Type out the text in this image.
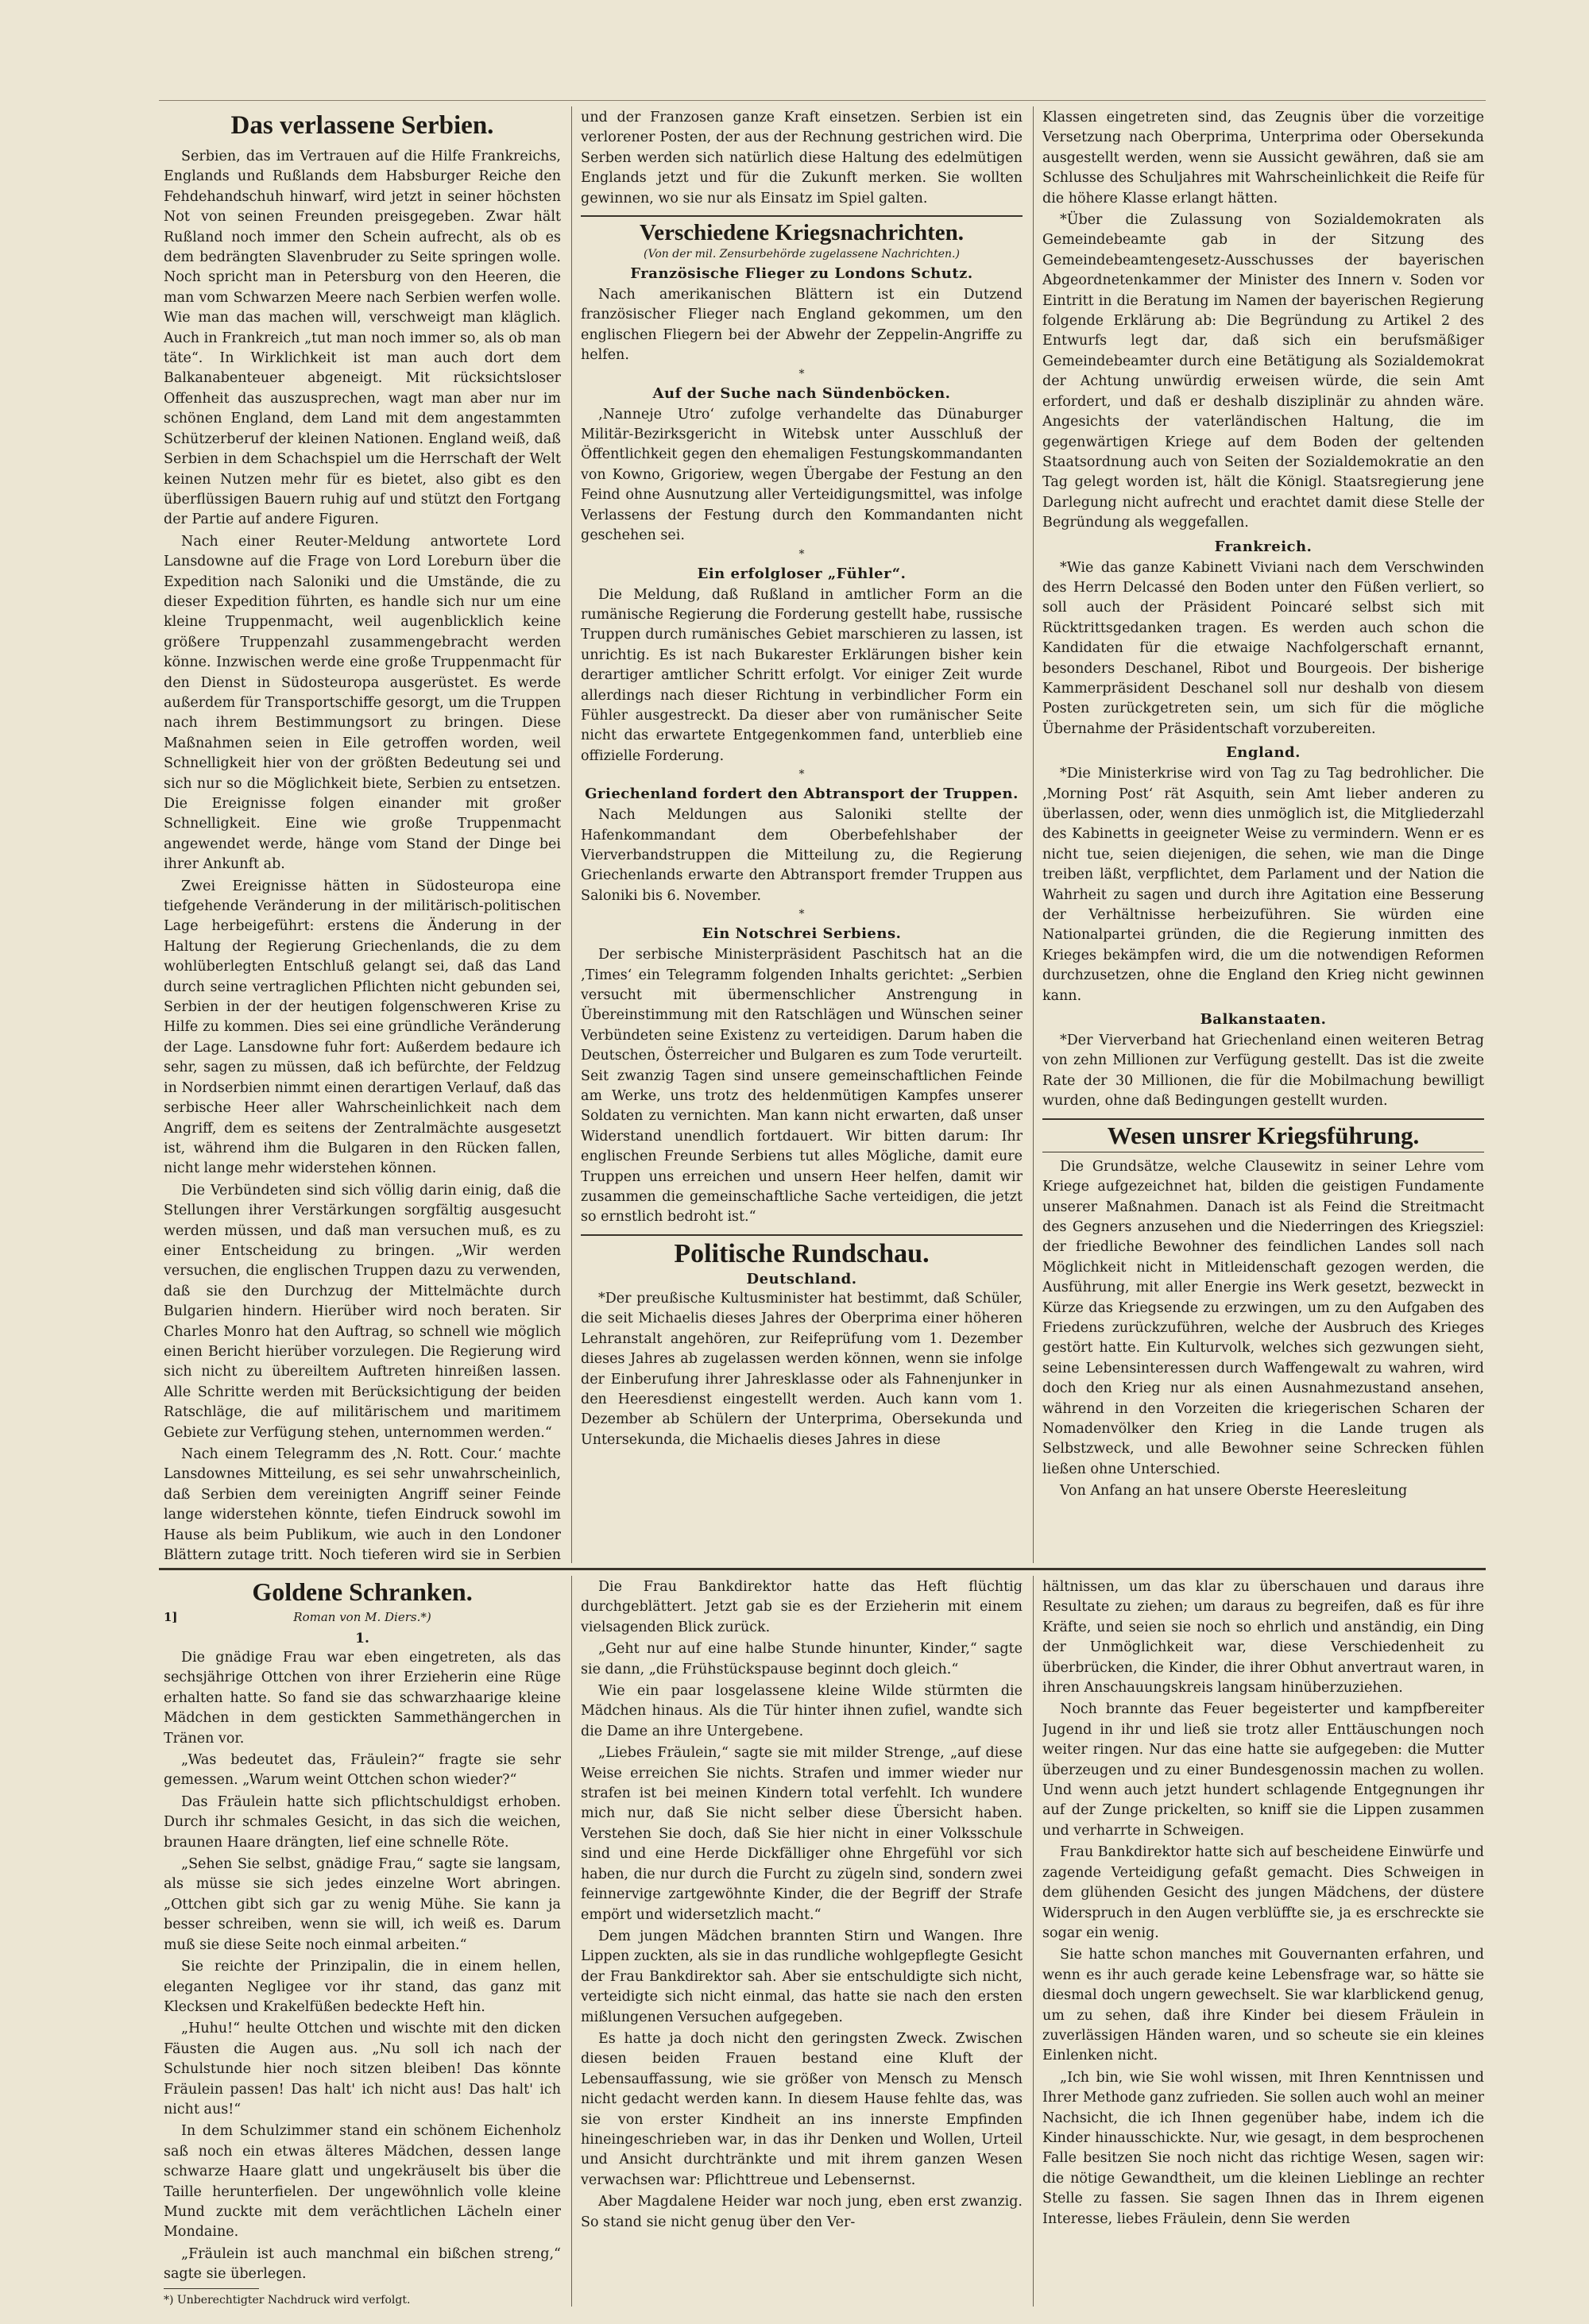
Das verlassene Serbien.

Serbien, das im Vertrauen auf die Hilfe Frankreichs, Englands und Rußlands dem Habsburger Reiche den Fehdehandschuh hinwarf, wird jetzt in seiner höchsten Not von seinen Freunden preisgegeben. Zwar hält Rußland noch immer den Schein aufrecht, als ob es dem bedrängten Slavenbruder zu Seite springen wolle. Noch spricht man in Petersburg von den Heeren, die man vom Schwarzen Meere nach Serbien werfen wolle. Wie man das machen will, verschweigt man kläglich. Auch in Frankreich „tut man noch immer so, als ob man täte“. In Wirklichkeit ist man auch dort dem Balkanabenteuer abgeneigt. Mit rücksichtsloser Offenheit das auszusprechen, wagt man aber nur im schönen England, dem Land mit dem angestammten Schützerberuf der kleinen Nationen. England weiß, daß Serbien in dem Schachspiel um die Herrschaft der Welt keinen Nutzen mehr für es bietet, also gibt es den überflüssigen Bauern ruhig auf und stützt den Fortgang der Partie auf andere Figuren.

Nach einer Reuter-Meldung antwortete Lord Lansdowne auf die Frage von Lord Loreburn über die Expedition nach Saloniki und die Umstände, die zu dieser Expedition führten, es handle sich nur um eine kleine Truppenmacht, weil augenblicklich keine größere Truppenzahl zusammengebracht werden könne. Inzwischen werde eine große Truppenmacht für den Dienst in Südosteuropa ausgerüstet. Es werde außerdem für Transportschiffe gesorgt, um die Truppen nach ihrem Bestimmungsort zu bringen. Diese Maßnahmen seien in Eile getroffen worden, weil Schnelligkeit hier von der größten Bedeutung sei und sich nur so die Möglichkeit biete, Serbien zu entsetzen. Die Ereignisse folgen einander mit großer Schnelligkeit. Eine wie große Truppenmacht angewendet werde, hänge vom Stand der Dinge bei ihrer Ankunft ab.

Zwei Ereignisse hätten in Südosteuropa eine tiefgehende Veränderung in der militärisch-politischen Lage herbeigeführt: erstens die Änderung in der Haltung der Regierung Griechenlands, die zu dem wohlüberlegten Entschluß gelangt sei, daß das Land durch seine vertraglichen Pflichten nicht gebunden sei, Serbien in der der heutigen folgenschweren Krise zu Hilfe zu kommen. Dies sei eine gründliche Veränderung der Lage. Lansdowne fuhr fort: Außerdem bedaure ich sehr, sagen zu müssen, daß ich befürchte, der Feldzug in Nordserbien nimmt einen derartigen Verlauf, daß das serbische Heer aller Wahrscheinlichkeit nach dem Angriff, dem es seitens der Zentralmächte ausgesetzt ist, während ihm die Bulgaren in den Rücken fallen, nicht lange mehr widerstehen können.

Die Verbündeten sind sich völlig darin einig, daß die Stellungen ihrer Verstärkungen sorgfältig ausgesucht werden müssen, und daß man versuchen muß, es zu einer Entscheidung zu bringen. „Wir werden versuchen, die englischen Truppen dazu zu verwenden, daß sie den Durchzug der Mittelmächte durch Bulgarien hindern. Hierüber wird noch beraten. Sir Charles Monro hat den Auftrag, so schnell wie möglich einen Bericht hierüber vorzulegen. Die Regierung wird sich nicht zu übereiltem Auftreten hinreißen lassen. Alle Schritte werden mit Berücksichtigung der beiden Ratschläge, die auf militärischem und maritimem Gebiete zur Verfügung stehen, unternommen werden.“

Nach einem Telegramm des ‚N. Rott. Cour.‘ machte Lansdownes Mitteilung, es sei sehr unwahrscheinlich, daß Serbien dem vereinigten Angriff seiner Feinde lange widerstehen könnte, tiefen Eindruck sowohl im Hause als beim Publikum, wie auch in den Londoner Blättern zutage tritt. Noch tieferen wird sie in Serbien

und der Franzosen ganze Kraft einsetzen. Serbien ist ein verlorener Posten, der aus der Rechnung gestrichen wird. Die Serben werden sich natürlich diese Haltung des edelmütigen Englands jetzt und für die Zukunft merken. Sie wollten gewinnen, wo sie nur als Einsatz im Spiel galten.

Verschiedene Kriegsnachrichten.
(Von der mil. Zensurbehörde zugelassene Nachrichten.)
Französische Flieger zu Londons Schutz.

Nach amerikanischen Blättern ist ein Dutzend französischer Flieger nach England gekommen, um den englischen Fliegern bei der Abwehr der Zeppelin-Angriffe zu helfen.

*
Auf der Suche nach Sündenböcken.

‚Nanneje Utro‘ zufolge verhandelte das Dünaburger Militär-Bezirksgericht in Witebsk unter Ausschluß der Öffentlichkeit gegen den ehemaligen Festungskommandanten von Kowno, Grigoriew, wegen Übergabe der Festung an den Feind ohne Ausnutzung aller Verteidigungsmittel, was infolge Verlassens der Festung durch den Kommandanten nicht geschehen sei.

*
Ein erfolgloser „Fühler“.

Die Meldung, daß Rußland in amtlicher Form an die rumänische Regierung die Forderung gestellt habe, russische Truppen durch rumänisches Gebiet marschieren zu lassen, ist unrichtig. Es ist nach Bukarester Erklärungen bisher kein derartiger amtlicher Schritt erfolgt. Vor einiger Zeit wurde allerdings nach dieser Richtung in verbindlicher Form ein Fühler ausgestreckt. Da dieser aber von rumänischer Seite nicht das erwartete Entgegenkommen fand, unterblieb eine offizielle Forderung.

*
Griechenland fordert den Abtransport der Truppen.

Nach Meldungen aus Saloniki stellte der Hafenkommandant dem Oberbefehlshaber der Vierverbandstruppen die Mitteilung zu, die Regierung Griechenlands erwarte den Abtransport fremder Truppen aus Saloniki bis 6. November.

*
Ein Notschrei Serbiens.

Der serbische Ministerpräsident Paschitsch hat an die ‚Times‘ ein Telegramm folgenden Inhalts gerichtet: „Serbien versucht mit übermenschlicher Anstrengung in Übereinstimmung mit den Ratschlägen und Wünschen seiner Verbündeten seine Existenz zu verteidigen. Darum haben die Deutschen, Österreicher und Bulgaren es zum Tode verurteilt. Seit zwanzig Tagen sind unsere gemeinschaftlichen Feinde am Werke, uns trotz des heldenmütigen Kampfes unserer Soldaten zu vernichten. Man kann nicht erwarten, daß unser Widerstand unendlich fortdauert. Wir bitten darum: Ihr englischen Freunde Serbiens tut alles Mögliche, damit eure Truppen uns erreichen und unsern Heer helfen, damit wir zusammen die gemeinschaftliche Sache verteidigen, die jetzt so ernstlich bedroht ist.“

Politische Rundschau.
Deutschland.

*Der preußische Kultusminister hat bestimmt, daß Schüler, die seit Michaelis dieses Jahres der Oberprima einer höheren Lehranstalt angehören, zur Reifeprüfung vom 1. Dezember dieses Jahres ab zugelassen werden können, wenn sie infolge der Einberufung ihrer Jahresklasse oder als Fahnenjunker in den Heeresdienst eingestellt werden. Auch kann vom 1. Dezember ab Schülern der Unterprima, Obersekunda und Untersekunda, die Michaelis dieses Jahres in diese

Klassen eingetreten sind, das Zeugnis über die vorzeitige Versetzung nach Oberprima, Unterprima oder Obersekunda ausgestellt werden, wenn sie Aussicht gewähren, daß sie am Schlusse des Schuljahres mit Wahrscheinlichkeit die Reife für die höhere Klasse erlangt hätten.

*Über die Zulassung von Sozialdemokraten als Gemeindebeamte gab in der Sitzung des Gemeindebeamtengesetz-Ausschusses der bayerischen Abgeordnetenkammer der Minister des Innern v. Soden vor Eintritt in die Beratung im Namen der bayerischen Regierung folgende Erklärung ab: Die Begründung zu Artikel 2 des Entwurfs legt dar, daß sich ein berufsmäßiger Gemeindebeamter durch eine Betätigung als Sozialdemokrat der Achtung unwürdig erweisen würde, die sein Amt erfordert, und daß er deshalb disziplinär zu ahnden wäre. Angesichts der vaterländischen Haltung, die im gegenwärtigen Kriege auf dem Boden der geltenden Staatsordnung auch von Seiten der Sozialdemokratie an den Tag gelegt worden ist, hält die Königl. Staatsregierung jene Darlegung nicht aufrecht und erachtet damit diese Stelle der Begründung als weggefallen.

Frankreich.

*Wie das ganze Kabinett Viviani nach dem Verschwinden des Herrn Delcassé den Boden unter den Füßen verliert, so soll auch der Präsident Poincaré selbst sich mit Rücktrittsgedanken tragen. Es werden auch schon die Kandidaten für die etwaige Nachfolgerschaft ernannt, besonders Deschanel, Ribot und Bourgeois. Der bisherige Kammerpräsident Deschanel soll nur deshalb von diesem Posten zurückgetreten sein, um sich für die mögliche Übernahme der Präsidentschaft vorzubereiten.

England.

*Die Ministerkrise wird von Tag zu Tag bedrohlicher. Die ‚Morning Post‘ rät Asquith, sein Amt lieber anderen zu überlassen, oder, wenn dies unmöglich ist, die Mitgliederzahl des Kabinetts in geeigneter Weise zu vermindern. Wenn er es nicht tue, seien diejenigen, die sehen, wie man die Dinge treiben läßt, verpflichtet, dem Parlament und der Nation die Wahrheit zu sagen und durch ihre Agitation eine Besserung der Verhältnisse herbeizuführen. Sie würden eine Nationalpartei gründen, die die Regierung inmitten des Krieges bekämpfen wird, die um die notwendigen Reformen durchzusetzen, ohne die England den Krieg nicht gewinnen kann.

Balkanstaaten.

*Der Vierverband hat Griechenland einen weiteren Betrag von zehn Millionen zur Verfügung gestellt. Das ist die zweite Rate der 30 Millionen, die für die Mobilmachung bewilligt wurden, ohne daß Bedingungen gestellt wurden.

Wesen unsrer Kriegsführung.

Die Grundsätze, welche Clausewitz in seiner Lehre vom Kriege aufgezeichnet hat, bilden die geistigen Fundamente unserer Maßnahmen. Danach ist als Feind die Streitmacht des Gegners anzusehen und die Niederringen des Kriegsziel: der friedliche Bewohner des feindlichen Landes soll nach Möglichkeit nicht in Mitleidenschaft gezogen werden, die Ausführung, mit aller Energie ins Werk gesetzt, bezweckt in Kürze das Kriegsende zu erzwingen, um zu den Aufgaben des Friedens zurückzuführen, welche der Ausbruch des Krieges gestört hatte. Ein Kulturvolk, welches sich gezwungen sieht, seine Lebensinteressen durch Waffengewalt zu wahren, wird doch den Krieg nur als einen Ausnahmezustand ansehen, während in den Vorzeiten die kriegerischen Scharen der Nomadenvölker den Krieg in die Lande trugen als Selbstzweck, und alle Bewohner seine Schrecken fühlen ließen ohne Unterschied.

Von Anfang an hat unsere Oberste Heeresleitung

Goldene Schranken.
1]	Roman von M. Diers.*)
1.

Die gnädige Frau war eben eingetreten, als das sechsjährige Ottchen von ihrer Erzieherin eine Rüge erhalten hatte. So fand sie das schwarzhaarige kleine Mädchen in dem gestickten Sammethängerchen in Tränen vor.

„Was bedeutet das, Fräulein?“ fragte sie sehr gemessen. „Warum weint Ottchen schon wieder?“

Das Fräulein hatte sich pflichtschuldigst erhoben. Durch ihr schmales Gesicht, in das sich die weichen, braunen Haare drängten, lief eine schnelle Röte.

„Sehen Sie selbst, gnädige Frau,“ sagte sie langsam, als müsse sie sich jedes einzelne Wort abringen. „Ottchen gibt sich gar zu wenig Mühe. Sie kann ja besser schreiben, wenn sie will, ich weiß es. Darum muß sie diese Seite noch einmal arbeiten.“

Sie reichte der Prinzipalin, die in einem hellen, eleganten Negligee vor ihr stand, das ganz mit Klecksen und Krakelfüßen bedeckte Heft hin.

„Huhu!“ heulte Ottchen und wischte mit den dicken Fäusten die Augen aus. „Nu soll ich nach der Schulstunde hier noch sitzen bleiben! Das könnte Fräulein passen! Das halt' ich nicht aus! Das halt' ich nicht aus!“

In dem Schulzimmer stand ein schönem Eichenholz saß noch ein etwas älteres Mädchen, dessen lange schwarze Haare glatt und ungekräuselt bis über die Taille herunterfielen. Der ungewöhnlich volle kleine Mund zuckte mit dem verächtlichen Lächeln einer Mondaine.

„Fräulein ist auch manchmal ein bißchen streng,“ sagte sie überlegen.

*) Unberechtigter Nachdruck wird verfolgt.

Die Frau Bankdirektor hatte das Heft flüchtig durchgeblättert. Jetzt gab sie es der Erzieherin mit einem vielsagenden Blick zurück.

„Geht nur auf eine halbe Stunde hinunter, Kinder,“ sagte sie dann, „die Frühstückspause beginnt doch gleich.“

Wie ein paar losgelassene kleine Wilde stürmten die Mädchen hinaus. Als die Tür hinter ihnen zufiel, wandte sich die Dame an ihre Untergebene.

„Liebes Fräulein,“ sagte sie mit milder Strenge, „auf diese Weise erreichen Sie nichts. Strafen und immer wieder nur strafen ist bei meinen Kindern total verfehlt. Ich wundere mich nur, daß Sie nicht selber diese Übersicht haben. Verstehen Sie doch, daß Sie hier nicht in einer Volksschule sind und eine Herde Dickfälliger ohne Ehrgefühl vor sich haben, die nur durch die Furcht zu zügeln sind, sondern zwei feinnervige zartgewöhnte Kinder, die der Begriff der Strafe empört und widersetzlich macht.“

Dem jungen Mädchen brannten Stirn und Wangen. Ihre Lippen zuckten, als sie in das rundliche wohlgepflegte Gesicht der Frau Bankdirektor sah. Aber sie entschuldigte sich nicht, verteidigte sich nicht einmal, das hatte sie nach den ersten mißlungenen Versuchen aufgegeben.

Es hatte ja doch nicht den geringsten Zweck. Zwischen diesen beiden Frauen bestand eine Kluft der Lebensauffassung, wie sie größer von Mensch zu Mensch nicht gedacht werden kann. In diesem Hause fehlte das, was sie von erster Kindheit an ins innerste Empfinden hineingeschrieben war, in das ihr Denken und Wollen, Urteil und Ansicht durchtränkte und mit ihrem ganzen Wesen verwachsen war: Pflichttreue und Lebensernst.

Aber Magdalene Heider war noch jung, eben erst zwanzig. So stand sie nicht genug über den Ver-

hältnissen, um das klar zu überschauen und daraus ihre Resultate zu ziehen; um daraus zu begreifen, daß es für ihre Kräfte, und seien sie noch so ehrlich und anständig, ein Ding der Unmöglichkeit war, diese Verschiedenheit zu überbrücken, die Kinder, die ihrer Obhut anvertraut waren, in ihren Anschauungskreis langsam hinüberzuziehen.

Noch brannte das Feuer begeisterter und kampfbereiter Jugend in ihr und ließ sie trotz aller Enttäuschungen noch weiter ringen. Nur das eine hatte sie aufgegeben: die Mutter überzeugen und zu einer Bundesgenossin machen zu wollen. Und wenn auch jetzt hundert schlagende Entgegnungen ihr auf der Zunge prickelten, so kniff sie die Lippen zusammen und verharrte in Schweigen.

Frau Bankdirektor hatte sich auf bescheidene Einwürfe und zagende Verteidigung gefaßt gemacht. Dies Schweigen in dem glühenden Gesicht des jungen Mädchens, der düstere Widerspruch in den Augen verblüffte sie, ja es erschreckte sie sogar ein wenig.

Sie hatte schon manches mit Gouvernanten erfahren, und wenn es ihr auch gerade keine Lebensfrage war, so hätte sie diesmal doch ungern gewechselt. Sie war klarblickend genug, um zu sehen, daß ihre Kinder bei diesem Fräulein in zuverlässigen Händen waren, und so scheute sie ein kleines Einlenken nicht.

„Ich bin, wie Sie wohl wissen, mit Ihren Kenntnissen und Ihrer Methode ganz zufrieden. Sie sollen auch wohl an meiner Nachsicht, die ich Ihnen gegenüber habe, indem ich die Kinder hinausschickte. Nur, wie gesagt, in dem besprochenen Falle besitzen Sie noch nicht das richtige Wesen, sagen wir: die nötige Gewandtheit, um die kleinen Lieblinge an rechter Stelle zu fassen. Sie sagen Ihnen das in Ihrem eigenen Interesse, liebes Fräulein, denn Sie werden
